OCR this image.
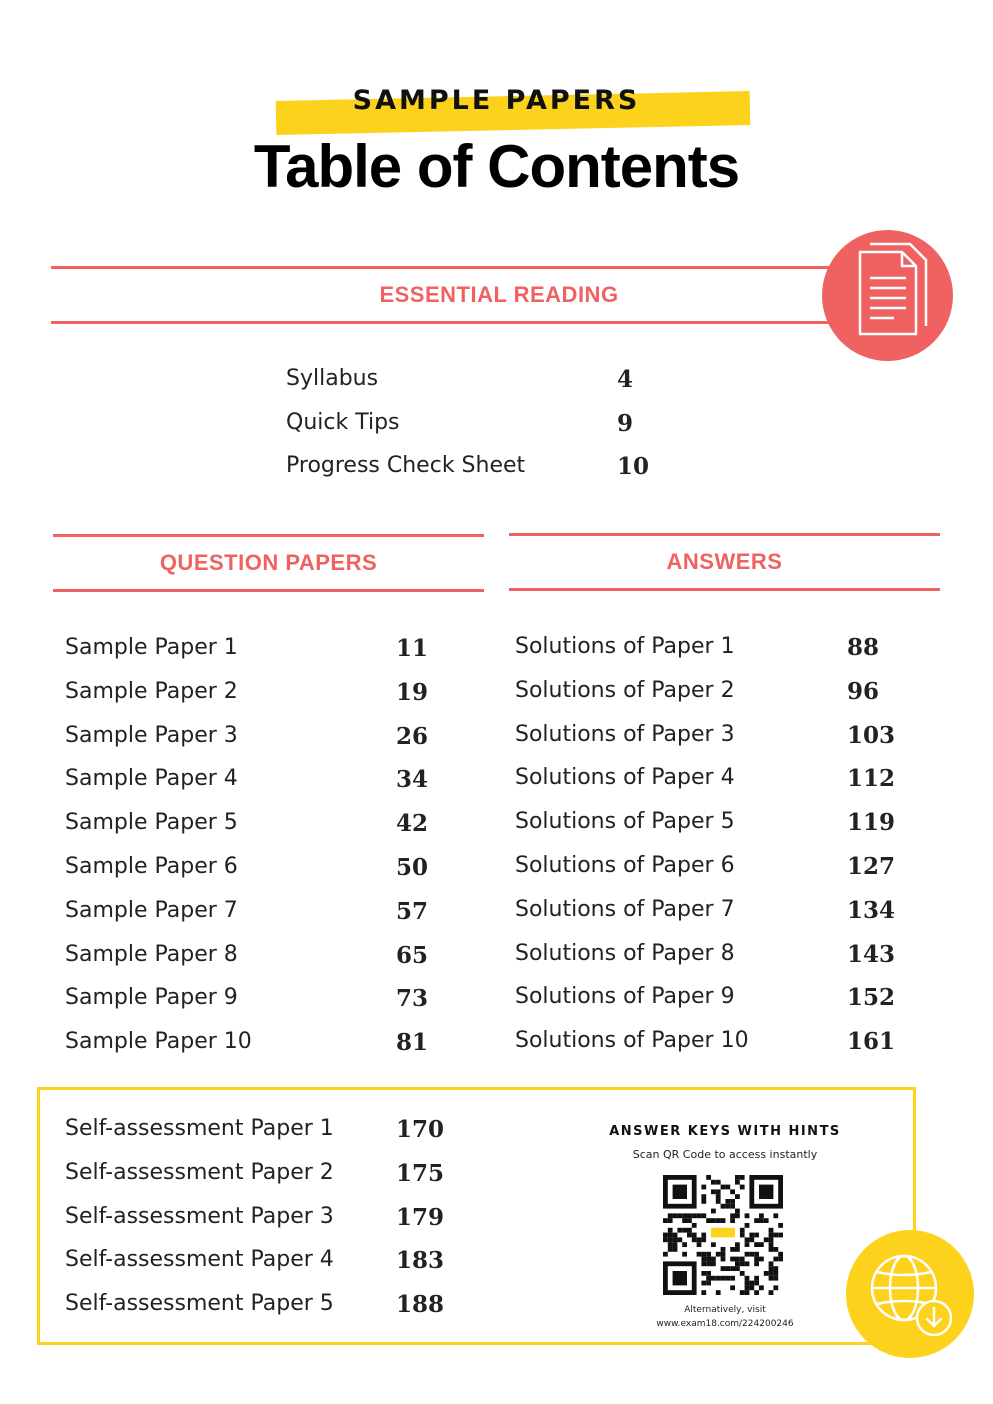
SAMPLE PAPERS
Table of Contents
ESSENTIAL READING
Syllabus	4
Quick Tips	9
Progress Check Sheet	10
QUESTION PAPERS	ANSWERS
Sample Paper 1	11
Sample Paper 2	19
Sample Paper 3	26
Sample Paper 4	34
Sample Paper 5	42
Sample Paper 6	50
Sample Paper 7	57
Sample Paper 8	65
Sample Paper 9	73
Sample Paper 10	81
Solutions of Paper 1	88
Solutions of Paper 2	96
Solutions of Paper 3	103
Solutions of Paper 4	112
Solutions of Paper 5	119
Solutions of Paper 6	127
Solutions of Paper 7	134
Solutions of Paper 8	143
Solutions of Paper 9	152
Solutions of Paper 10	161
Self-assessment Paper 1	170
Self-assessment Paper 2	175
Self-assessment Paper 3	179
Self-assessment Paper 4	183
Self-assessment Paper 5	188
ANSWER KEYS WITH HINTS
Scan QR Code to access instantly
Alternatively, visit
www.exam18.com/224200246
